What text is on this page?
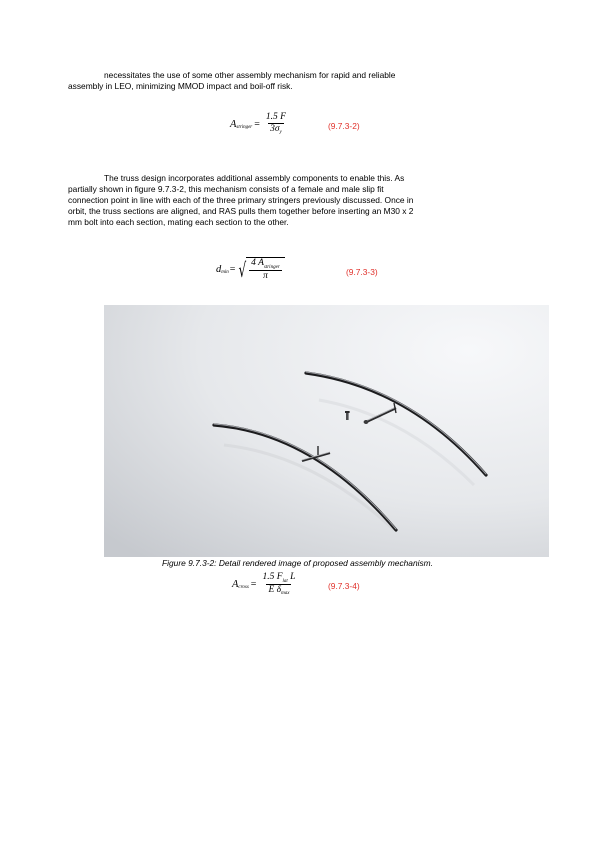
necessitates the use of some other assembly mechanism for rapid and reliable

assembly in LEO, minimizing MMOD impact and boil-off risk.

A stringer = $\frac{1.5 F}{3\sigma_y}$	(9.7.3-2)

The truss design incorporates additional assembly components to enable this. As

partially shown in figure 9.7.3-2, this mechanism consists of a female and male slip fit

connection point in line with each of the three primary stringers previously discussed. Once in

orbit, the truss sections are aligned, and RAS pulls them together before inserting an M30 x 2

mm bolt into each section, mating each section to the other.

d min = √ 4 $A_{stringer}$
π	(9.7.3-3)
Figure 9.7.3-2: Detail rendered image of proposed assembly mechanism.
A cross = $\frac{1.5 F_{lat} L}{E \delta_{max}}$	(9.7.3-4)
